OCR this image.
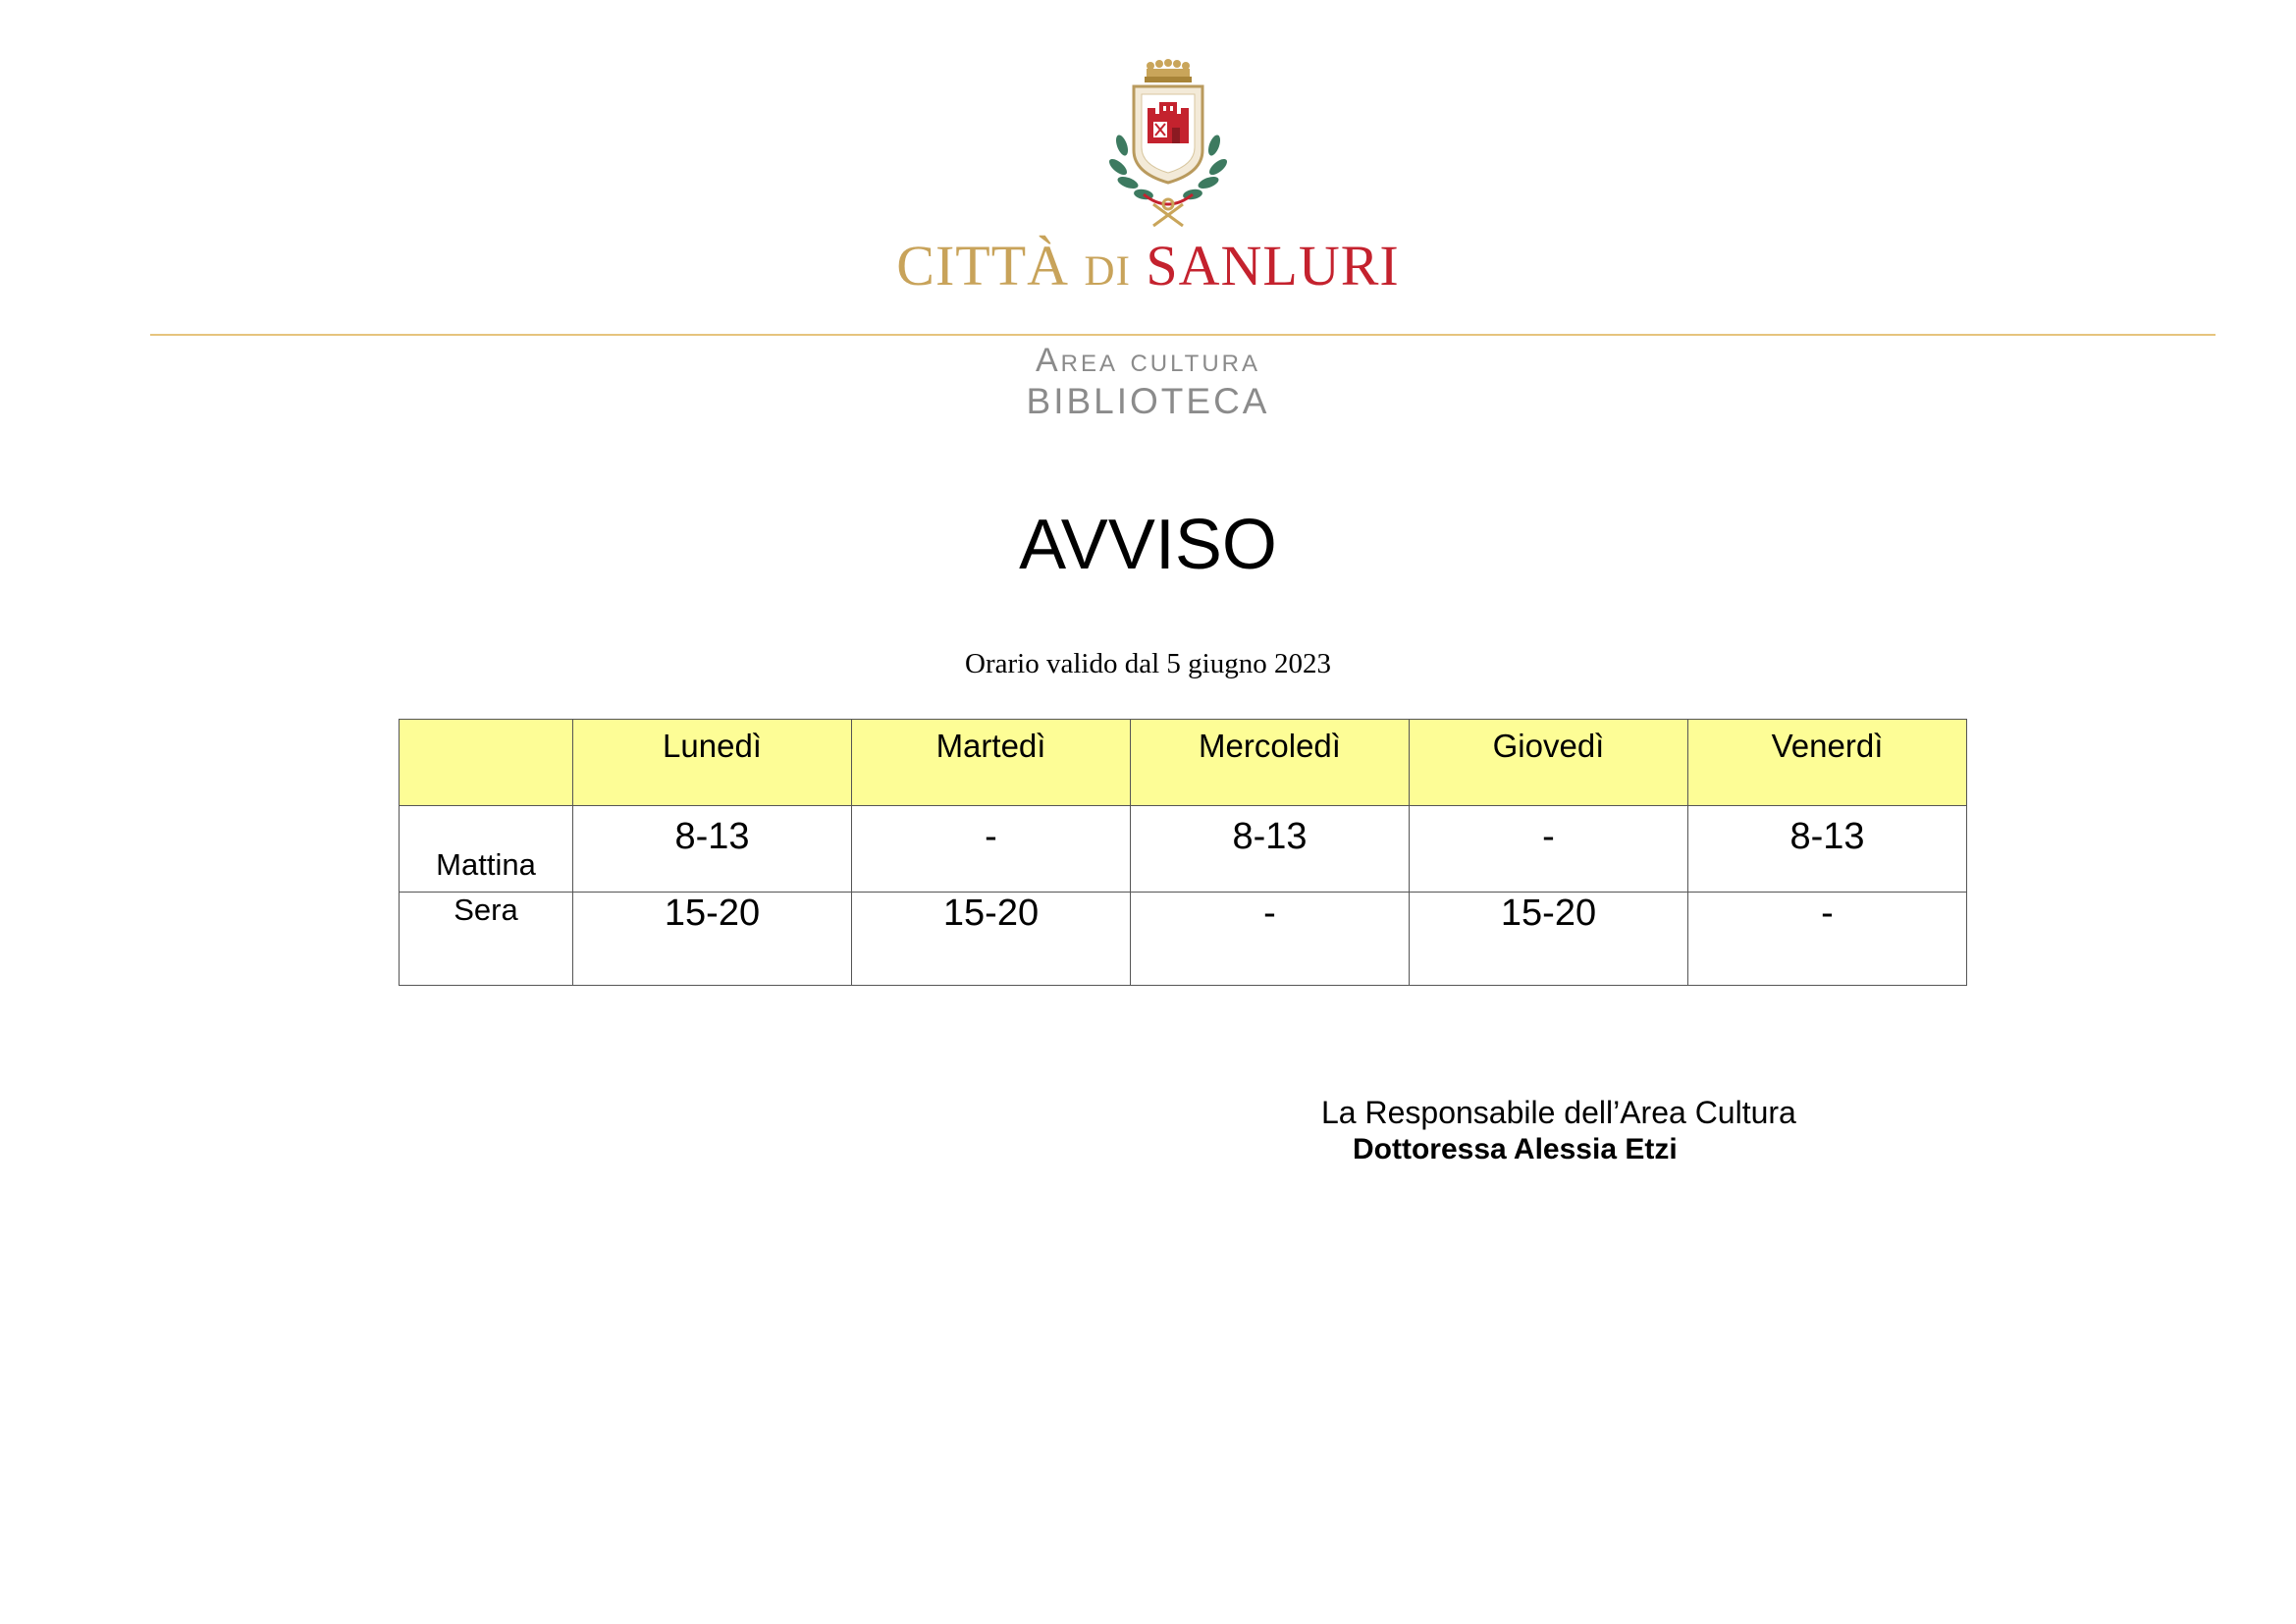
CITTÀ DI SANLURI
Area cultura
BIBLIOTECA
AVVISO
Orario valido dal 5 giugno 2023
	Lunedì	Martedì	Mercoledì	Giovedì	Venerdì
Mattina	8-13	-	8-13	-	8-13
Sera	15-20	15-20	-	15-20	-
La Responsabile dell’Area Cultura
Dottoressa Alessia Etzi
